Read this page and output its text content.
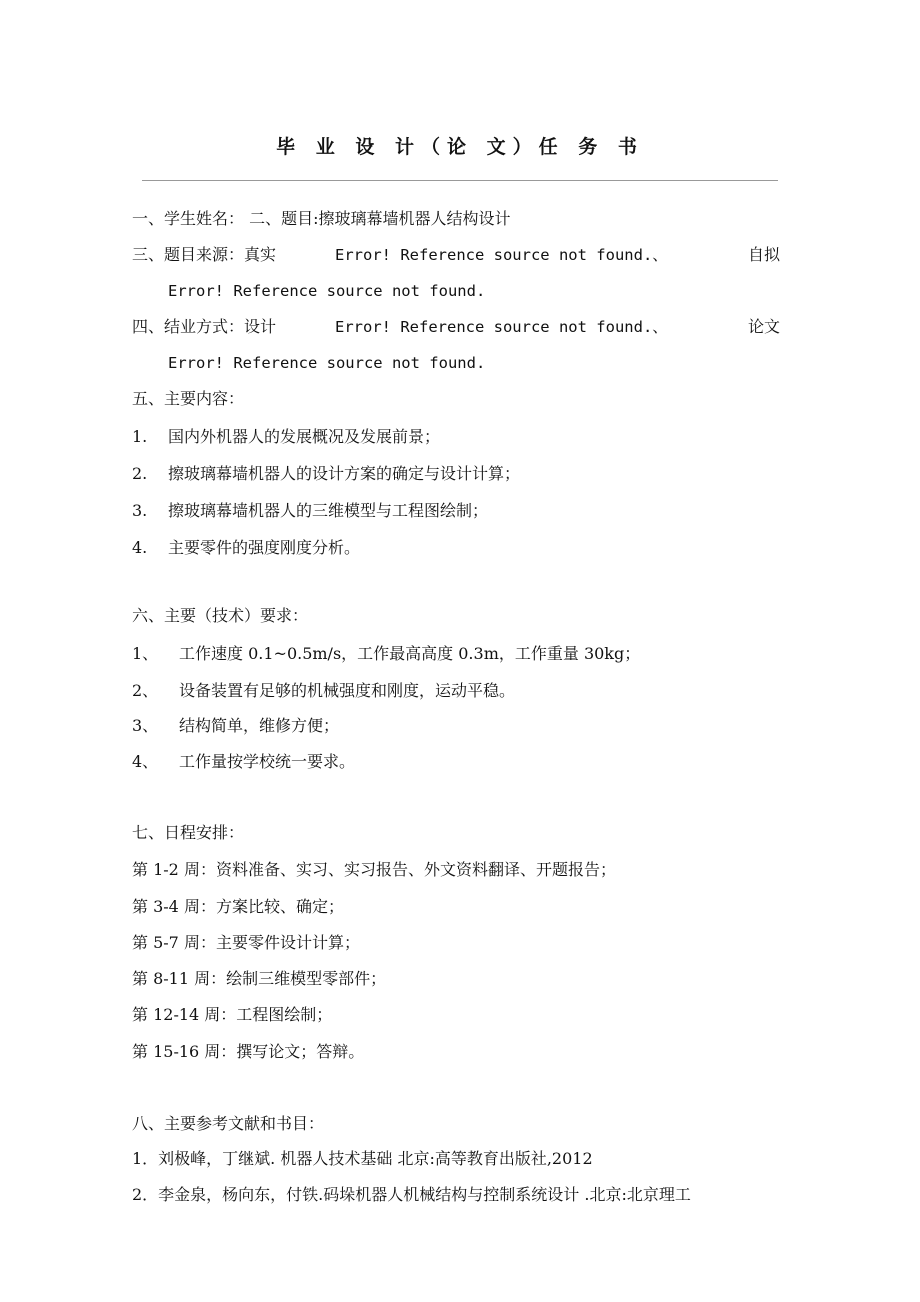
毕 业 设 计（论 文）任 务 书
一、学生姓名： 二、题目:擦玻璃幕墙机器人结构设计
三、题目来源：真实	Error! Reference source not found.、	自拟
Error! Reference source not found.
四、结业方式：设计	Error! Reference source not found.、	论文
Error! Reference source not found.
五、主要内容：
1. 国内外机器人的发展概况及发展前景；
2. 擦玻璃幕墙机器人的设计方案的确定与设计计算；
3. 擦玻璃幕墙机器人的三维模型与工程图绘制；
4. 主要零件的强度刚度分析。
六、主要（技术）要求：
1、 工作速度 0.1~0.5m/s，工作最高高度 0.3m，工作重量 30kg；
2、 设备装置有足够的机械强度和刚度，运动平稳。
3、 结构简单，维修方便；
4、 工作量按学校统一要求。
七、日程安排：
第 1-2 周：资料准备、实习、实习报告、外文资料翻译、开题报告；
第 3-4 周：方案比较、确定；
第 5-7 周：主要零件设计计算；
第 8-11 周：绘制三维模型零部件；
第 12-14 周：工程图绘制；
第 15-16 周：撰写论文；答辩。
八、主要参考文献和书目：
1．刘极峰，丁继斌. 机器人技术基础 北京:高等教育出版社,2012
2．李金泉，杨向东，付铁.码垛机器人机械结构与控制系统设计 .北京:北京理工
